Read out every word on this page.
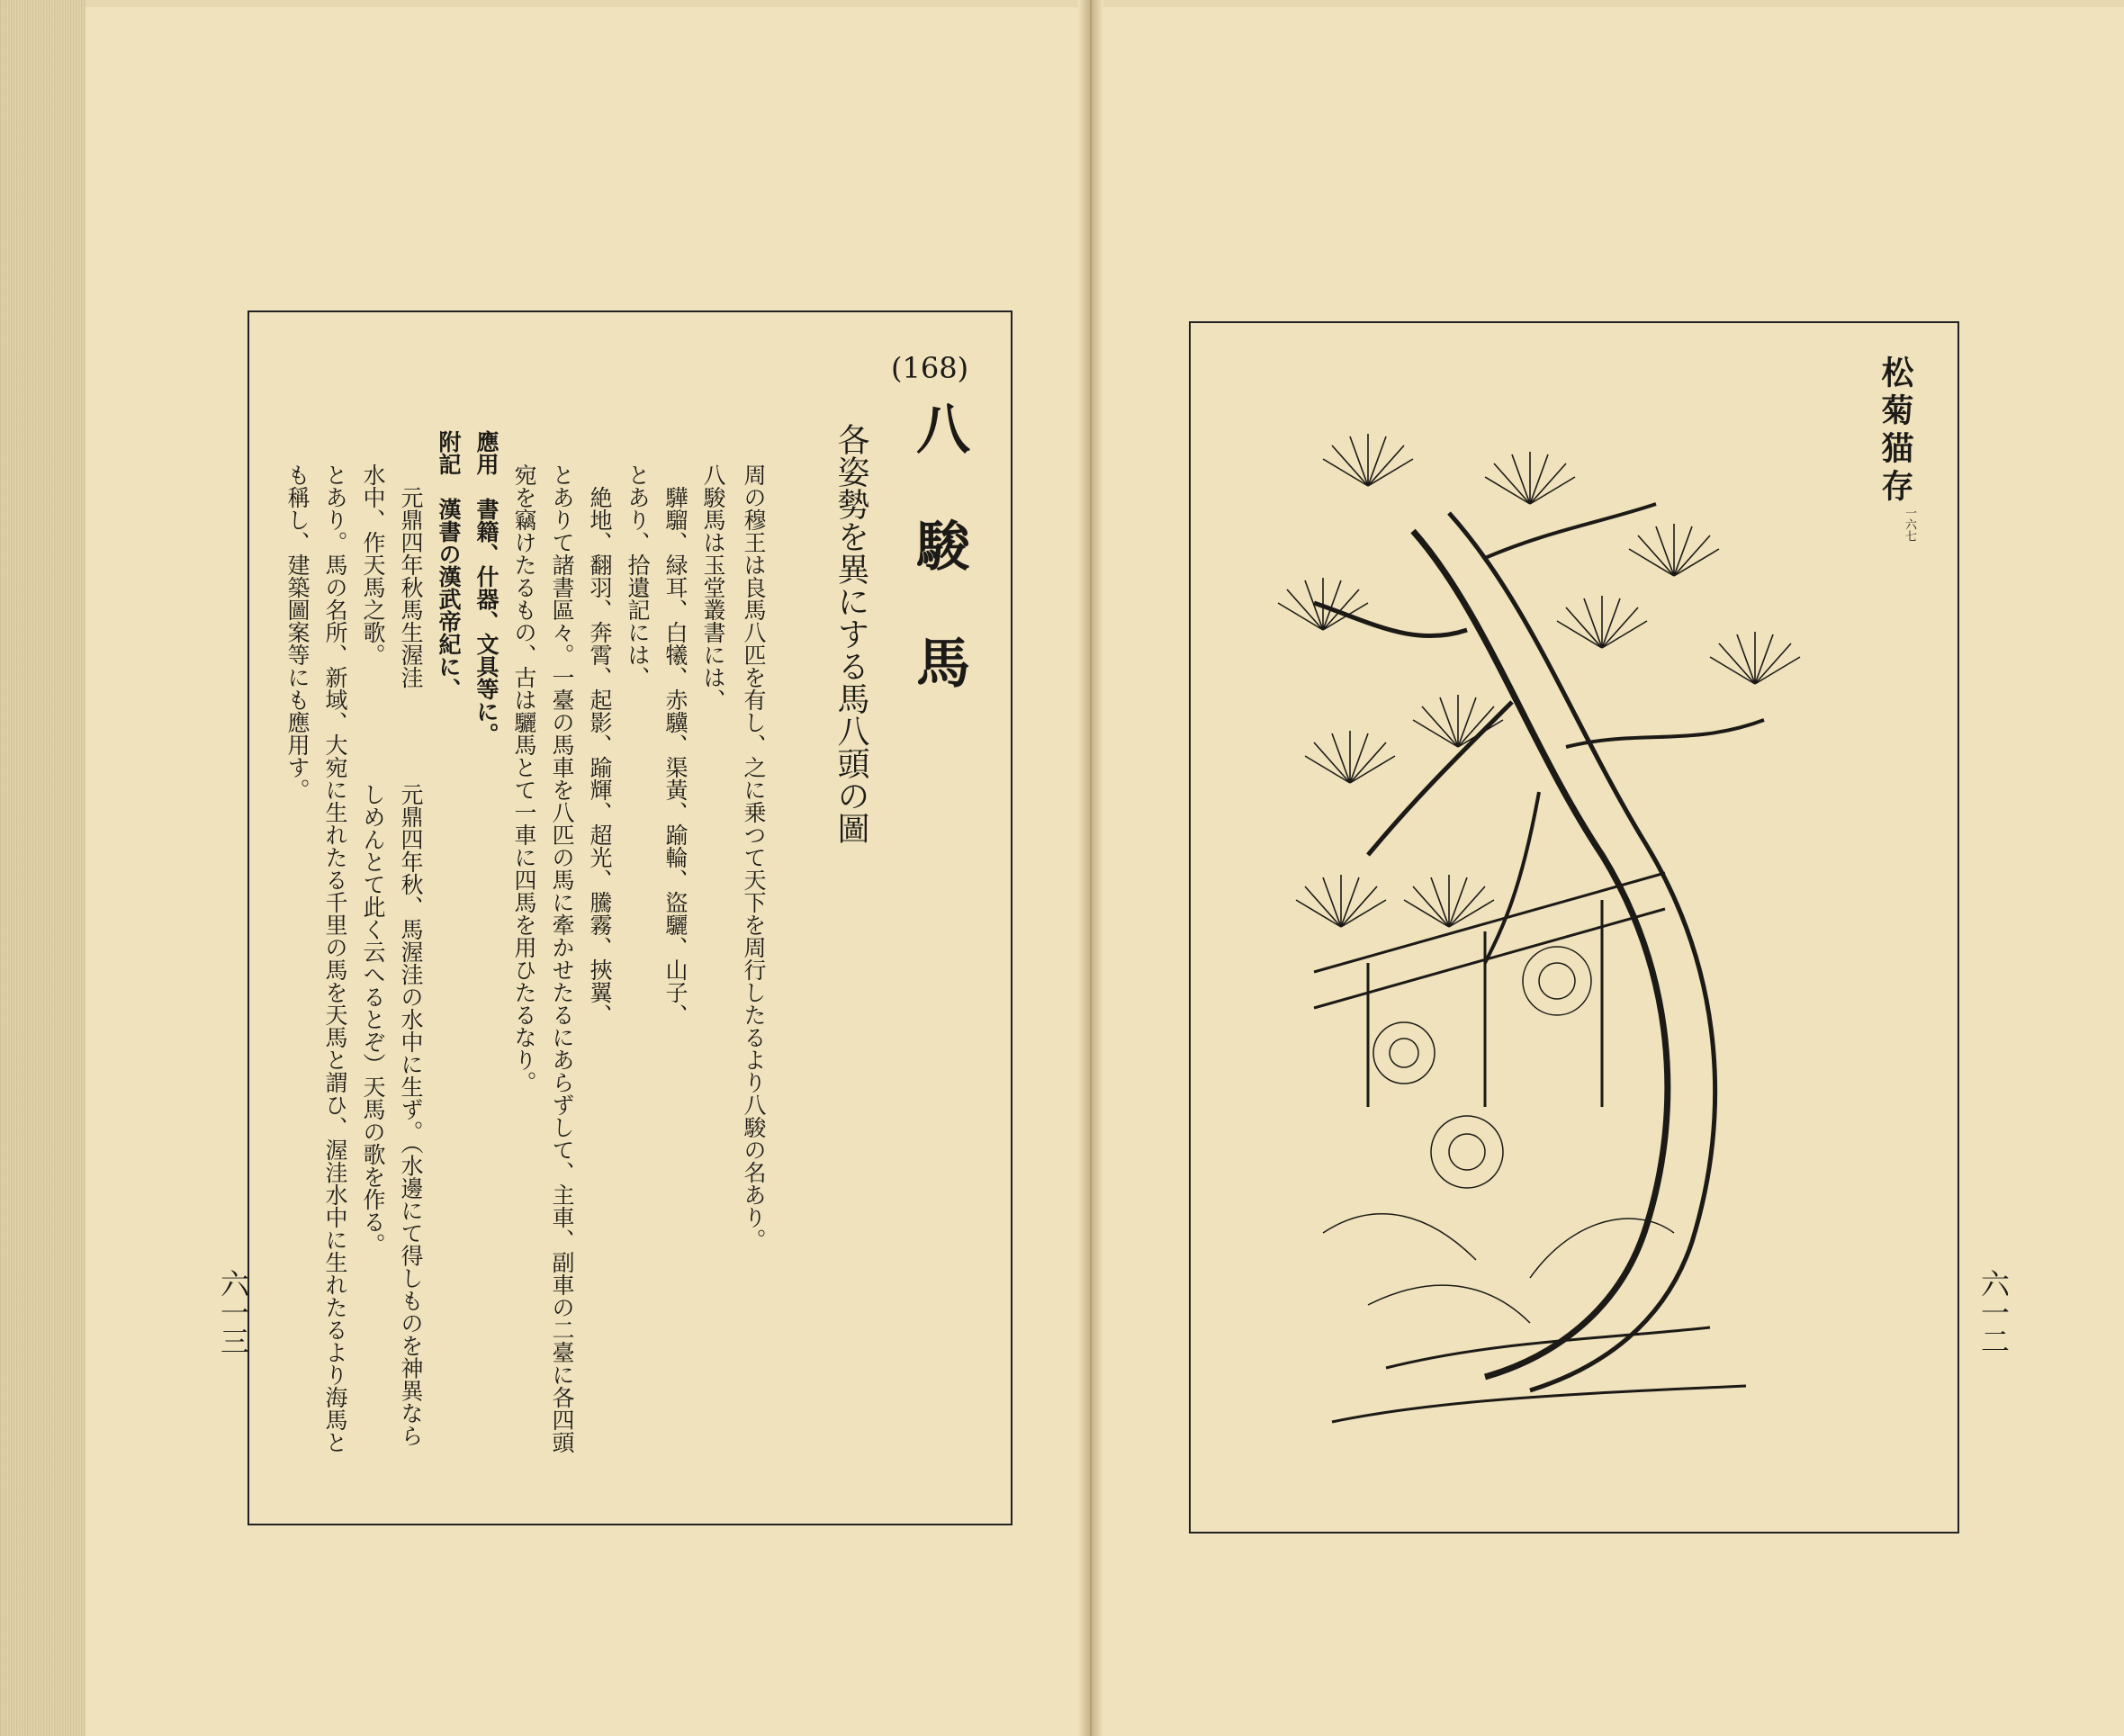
(168)
八駿馬
各姿勢を異にする馬八頭の圖
周の穆王は良馬八匹を有し、之に乗つて天下を周行したるより八駿の名あり。
八駿馬は玉堂叢書には、
驊騮、緑耳、白犧、赤驥、渠黃、踰輪、盜驪、山子、
とあり、拾遺記には、
絶地、翻羽、奔霄、起影、踰輝、超光、騰霧、挾翼、
とありて諸書區々。一臺の馬車を八匹の馬に牽かせたるにあらずして、主車、副車の二臺に各四頭
宛を竊けたるもの、古は驪馬とて一車に四馬を用ひたるなり。
應用　書籍、什器、文具等に。
附記　漢書の漢武帝紀に、
元鼎四年秋馬生渥洼
水中、作天馬之歌。
とあり。馬の名所、新域、大宛に生れたる千里の馬を天馬と謂ひ、渥洼水中に生れたるより海馬と
も稱し、建築圖案等にも應用す。
元鼎四年秋、馬渥洼の水中に生ず。（水邊にて得しものを神異なら
しめんとて此く云へるとぞ）天馬の歌を作る。
六一三
松菊猫存
一六七
六一二
